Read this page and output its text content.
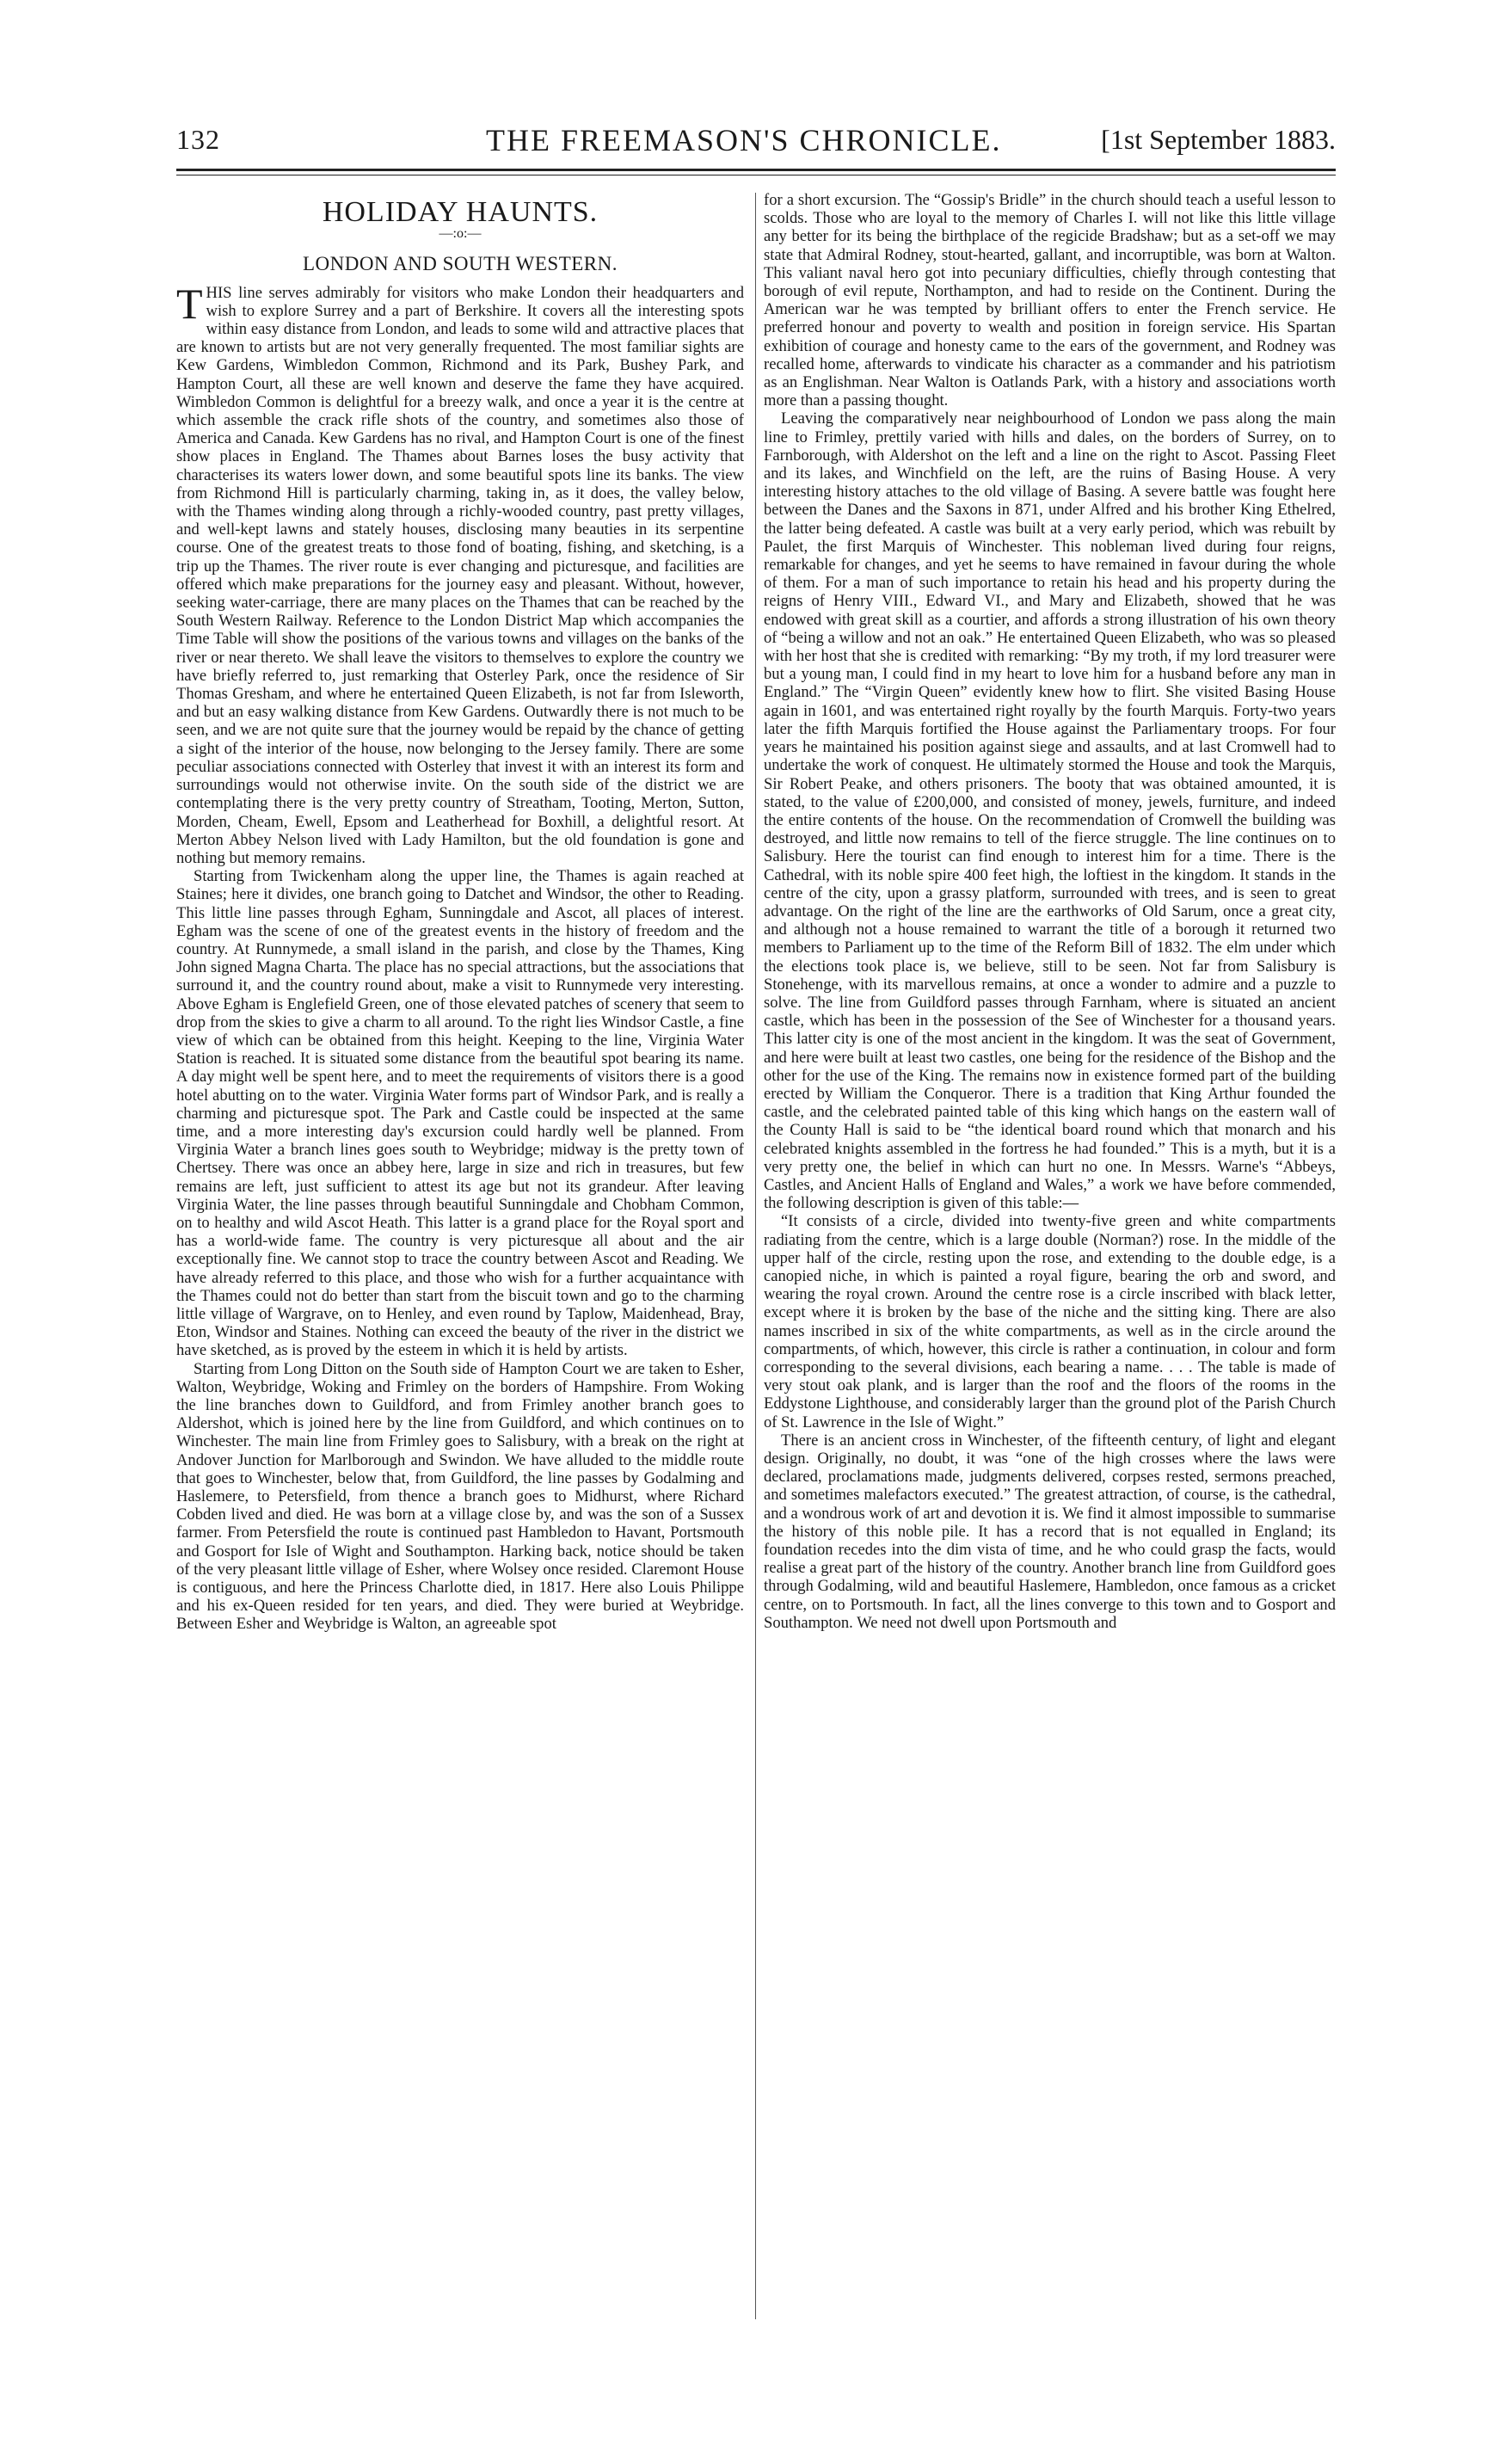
132	THE FREEMASON'S CHRONICLE.	[1st September 1883.
HOLIDAY HAUNTS.
—:o:—
LONDON AND SOUTH WESTERN.

THIS line serves admirably for visitors who make London their headquarters and wish to explore Surrey and a part of Berkshire. It covers all the interesting spots within easy distance from London, and leads to some wild and attractive places that are known to artists but are not very generally frequented. The most familiar sights are Kew Gardens, Wimbledon Common, Richmond and its Park, Bushey Park, and Hampton Court, all these are well known and deserve the fame they have acquired. Wimbledon Common is delightful for a breezy walk, and once a year it is the centre at which assemble the crack rifle shots of the country, and sometimes also those of America and Canada. Kew Gardens has no rival, and Hampton Court is one of the finest show places in England. The Thames about Barnes loses the busy activity that characterises its waters lower down, and some beautiful spots line its banks. The view from Richmond Hill is particularly charming, taking in, as it does, the valley below, with the Thames winding along through a richly-wooded country, past pretty villages, and well-kept lawns and stately houses, disclosing many beauties in its serpentine course. One of the greatest treats to those fond of boating, fishing, and sketching, is a trip up the Thames. The river route is ever changing and picturesque, and facilities are offered which make preparations for the journey easy and pleasant. Without, however, seeking water-carriage, there are many places on the Thames that can be reached by the South Western Railway. Reference to the London District Map which accompanies the Time Table will show the positions of the various towns and villages on the banks of the river or near thereto. We shall leave the visitors to themselves to explore the country we have briefly referred to, just remarking that Osterley Park, once the residence of Sir Thomas Gresham, and where he entertained Queen Elizabeth, is not far from Isleworth, and but an easy walking distance from Kew Gardens. Outwardly there is not much to be seen, and we are not quite sure that the journey would be repaid by the chance of getting a sight of the interior of the house, now belonging to the Jersey family. There are some peculiar associations connected with Osterley that invest it with an interest its form and surroundings would not otherwise invite. On the south side of the district we are contemplating there is the very pretty country of Streatham, Tooting, Merton, Sutton, Morden, Cheam, Ewell, Epsom and Leatherhead for Boxhill, a delightful resort. At Merton Abbey Nelson lived with Lady Hamilton, but the old foundation is gone and nothing but memory remains.

Starting from Twickenham along the upper line, the Thames is again reached at Staines; here it divides, one branch going to Datchet and Windsor, the other to Reading. This little line passes through Egham, Sunningdale and Ascot, all places of interest. Egham was the scene of one of the greatest events in the history of freedom and the country. At Runnymede, a small island in the parish, and close by the Thames, King John signed Magna Charta. The place has no special attractions, but the associations that surround it, and the country round about, make a visit to Runnymede very interesting. Above Egham is Englefield Green, one of those elevated patches of scenery that seem to drop from the skies to give a charm to all around. To the right lies Windsor Castle, a fine view of which can be obtained from this height. Keeping to the line, Virginia Water Station is reached. It is situated some distance from the beautiful spot bearing its name. A day might well be spent here, and to meet the requirements of visitors there is a good hotel abutting on to the water. Virginia Water forms part of Windsor Park, and is really a charming and picturesque spot. The Park and Castle could be inspected at the same time, and a more interesting day's excursion could hardly well be planned. From Virginia Water a branch lines goes south to Weybridge; midway is the pretty town of Chertsey. There was once an abbey here, large in size and rich in treasures, but few remains are left, just sufficient to attest its age but not its grandeur. After leaving Virginia Water, the line passes through beautiful Sunningdale and Chobham Common, on to healthy and wild Ascot Heath. This latter is a grand place for the Royal sport and has a world-wide fame. The country is very picturesque all about and the air exceptionally fine. We cannot stop to trace the country between Ascot and Reading. We have already referred to this place, and those who wish for a further acquaintance with the Thames could not do better than start from the biscuit town and go to the charming little village of Wargrave, on to Henley, and even round by Taplow, Maidenhead, Bray, Eton, Windsor and Staines. Nothing can exceed the beauty of the river in the district we have sketched, as is proved by the esteem in which it is held by artists.

Starting from Long Ditton on the South side of Hampton Court we are taken to Esher, Walton, Weybridge, Woking and Frimley on the borders of Hampshire. From Woking the line branches down to Guildford, and from Frimley another branch goes to Aldershot, which is joined here by the line from Guildford, and which continues on to Winchester. The main line from Frimley goes to Salisbury, with a break on the right at Andover Junction for Marlborough and Swindon. We have alluded to the middle route that goes to Winchester, below that, from Guildford, the line passes by Godalming and Haslemere, to Petersfield, from thence a branch goes to Midhurst, where Richard Cobden lived and died. He was born at a village close by, and was the son of a Sussex farmer. From Petersfield the route is continued past Hambledon to Havant, Portsmouth and Gosport for Isle of Wight and Southampton. Harking back, notice should be taken of the very pleasant little village of Esher, where Wolsey once resided. Claremont House is contiguous, and here the Princess Charlotte died, in 1817. Here also Louis Philippe and his ex-Queen resided for ten years, and died. They were buried at Weybridge. Between Esher and Weybridge is Walton, an agreeable spot

for a short excursion. The “Gossip's Bridle” in the church should teach a useful lesson to scolds. Those who are loyal to the memory of Charles I. will not like this little village any better for its being the birthplace of the regicide Bradshaw; but as a set-off we may state that Admiral Rodney, stout-hearted, gallant, and incorruptible, was born at Walton. This valiant naval hero got into pecuniary difficulties, chiefly through contesting that borough of evil repute, Northampton, and had to reside on the Continent. During the American war he was tempted by brilliant offers to enter the French service. He preferred honour and poverty to wealth and position in foreign service. His Spartan exhibition of courage and honesty came to the ears of the government, and Rodney was recalled home, afterwards to vindicate his character as a commander and his patriotism as an Englishman. Near Walton is Oatlands Park, with a history and associations worth more than a passing thought.

Leaving the comparatively near neighbourhood of London we pass along the main line to Frimley, prettily varied with hills and dales, on the borders of Surrey, on to Farnborough, with Aldershot on the left and a line on the right to Ascot. Passing Fleet and its lakes, and Winchfield on the left, are the ruins of Basing House. A very interesting history attaches to the old village of Basing. A severe battle was fought here between the Danes and the Saxons in 871, under Alfred and his brother King Ethelred, the latter being defeated. A castle was built at a very early period, which was rebuilt by Paulet, the first Marquis of Winchester. This nobleman lived during four reigns, remarkable for changes, and yet he seems to have remained in favour during the whole of them. For a man of such importance to retain his head and his property during the reigns of Henry VIII., Edward VI., and Mary and Elizabeth, showed that he was endowed with great skill as a courtier, and affords a strong illustration of his own theory of “being a willow and not an oak.” He entertained Queen Elizabeth, who was so pleased with her host that she is credited with remarking: “By my troth, if my lord treasurer were but a young man, I could find in my heart to love him for a husband before any man in England.” The “Virgin Queen” evidently knew how to flirt. She visited Basing House again in 1601, and was entertained right royally by the fourth Marquis. Forty-two years later the fifth Marquis fortified the House against the Parliamentary troops. For four years he maintained his position against siege and assaults, and at last Cromwell had to undertake the work of conquest. He ultimately stormed the House and took the Marquis, Sir Robert Peake, and others prisoners. The booty that was obtained amounted, it is stated, to the value of £200,000, and consisted of money, jewels, furniture, and indeed the entire contents of the house. On the recommendation of Cromwell the building was destroyed, and little now remains to tell of the fierce struggle. The line continues on to Salisbury. Here the tourist can find enough to interest him for a time. There is the Cathedral, with its noble spire 400 feet high, the loftiest in the kingdom. It stands in the centre of the city, upon a grassy platform, surrounded with trees, and is seen to great advantage. On the right of the line are the earthworks of Old Sarum, once a great city, and although not a house remained to warrant the title of a borough it returned two members to Parliament up to the time of the Reform Bill of 1832. The elm under which the elections took place is, we believe, still to be seen. Not far from Salisbury is Stonehenge, with its marvellous remains, at once a wonder to admire and a puzzle to solve. The line from Guildford passes through Farnham, where is situated an ancient castle, which has been in the possession of the See of Winchester for a thousand years. This latter city is one of the most ancient in the kingdom. It was the seat of Government, and here were built at least two castles, one being for the residence of the Bishop and the other for the use of the King. The remains now in existence formed part of the building erected by William the Conqueror. There is a tradition that King Arthur founded the castle, and the celebrated painted table of this king which hangs on the eastern wall of the County Hall is said to be “the identical board round which that monarch and his celebrated knights assembled in the fortress he had founded.” This is a myth, but it is a very pretty one, the belief in which can hurt no one. In Messrs. Warne's “Abbeys, Castles, and Ancient Halls of England and Wales,” a work we have before commended, the following description is given of this table:—

“It consists of a circle, divided into twenty-five green and white compartments radiating from the centre, which is a large double (Norman?) rose. In the middle of the upper half of the circle, resting upon the rose, and extending to the double edge, is a canopied niche, in which is painted a royal figure, bearing the orb and sword, and wearing the royal crown. Around the centre rose is a circle inscribed with black letter, except where it is broken by the base of the niche and the sitting king. There are also names inscribed in six of the white compartments, as well as in the circle around the compartments, of which, however, this circle is rather a continuation, in colour and form corresponding to the several divisions, each bearing a name. . . . The table is made of very stout oak plank, and is larger than the roof and the floors of the rooms in the Eddystone Lighthouse, and considerably larger than the ground plot of the Parish Church of St. Lawrence in the Isle of Wight.”

There is an ancient cross in Winchester, of the fifteenth century, of light and elegant design. Originally, no doubt, it was “one of the high crosses where the laws were declared, proclamations made, judgments delivered, corpses rested, sermons preached, and sometimes malefactors executed.” The greatest attraction, of course, is the cathedral, and a wondrous work of art and devotion it is. We find it almost impossible to summarise the history of this noble pile. It has a record that is not equalled in England; its foundation recedes into the dim vista of time, and he who could grasp the facts, would realise a great part of the history of the country. Another branch line from Guildford goes through Godalming, wild and beautiful Haslemere, Hambledon, once famous as a cricket centre, on to Portsmouth. In fact, all the lines converge to this town and to Gosport and Southampton. We need not dwell upon Portsmouth and
